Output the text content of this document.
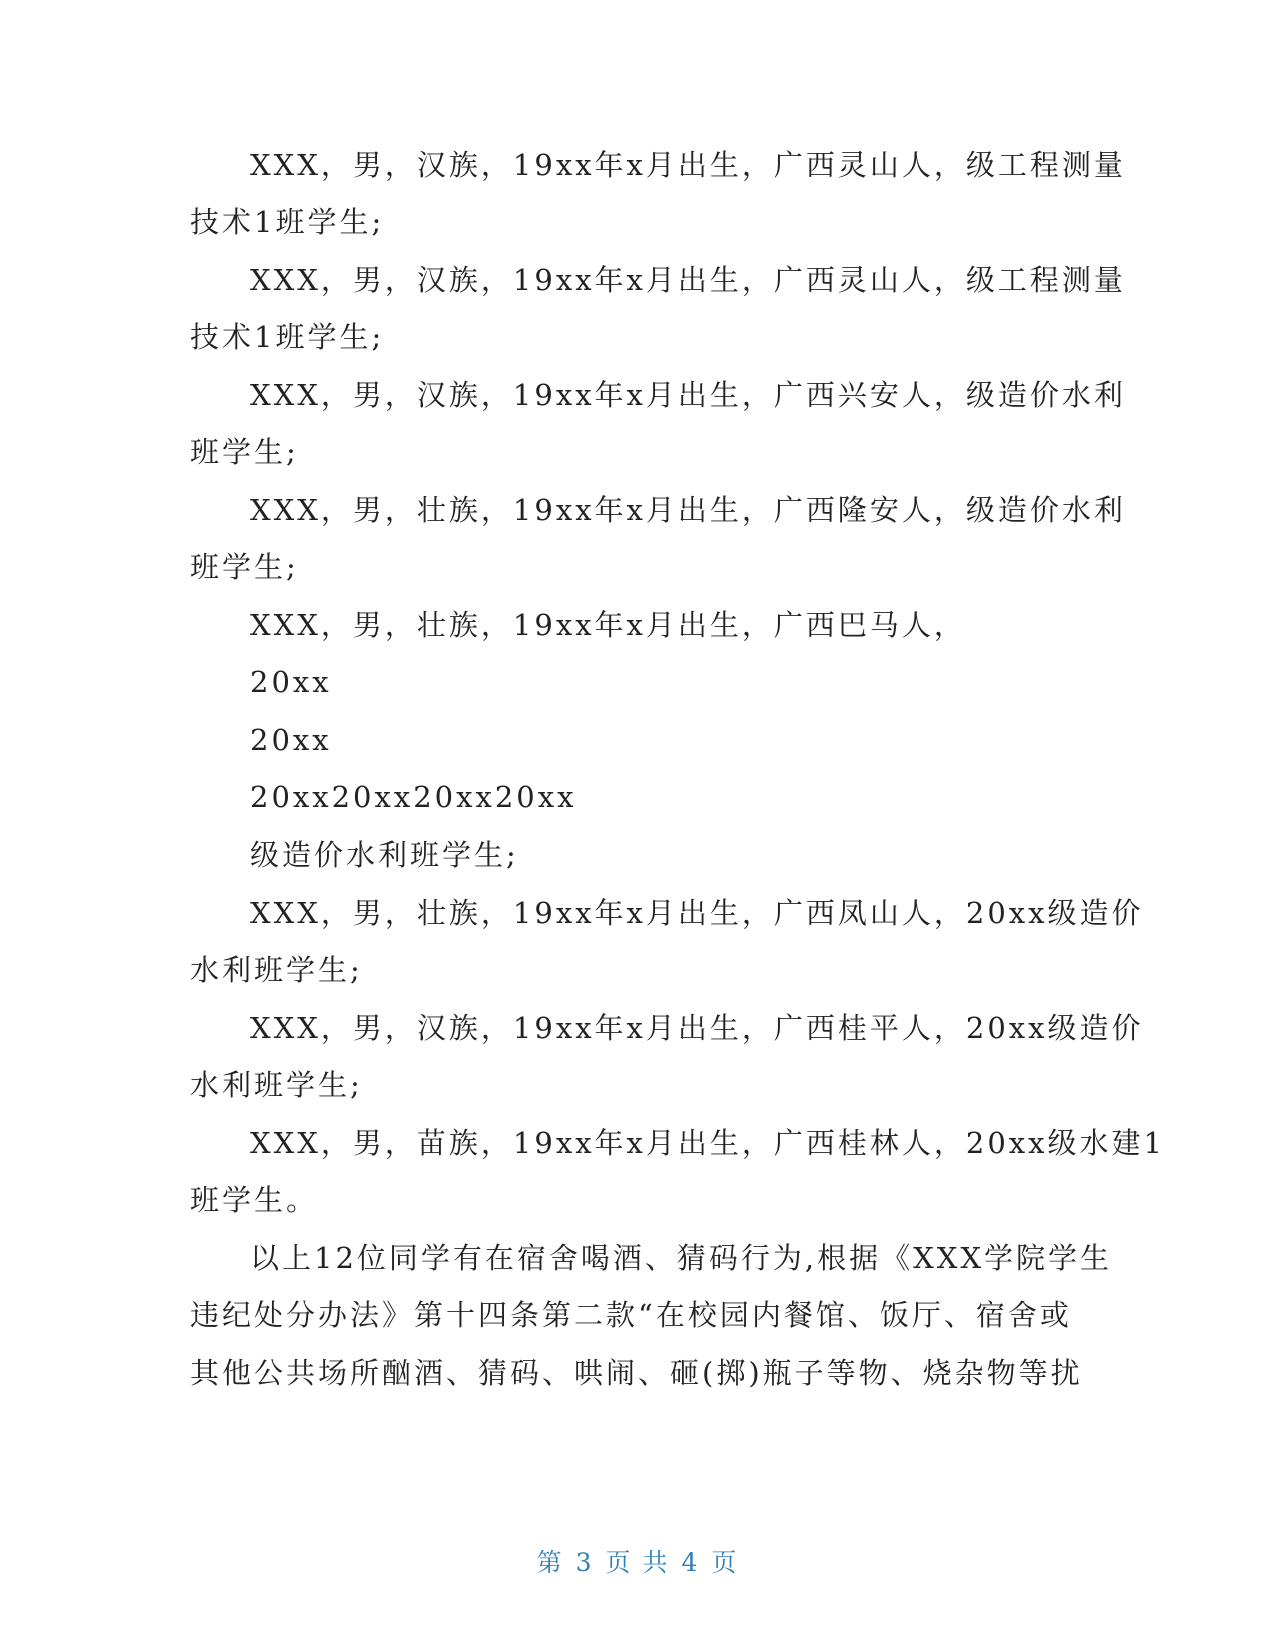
XXX，男，汉族，19xx年x月出生，广西灵山人，级工程测量
技术1班学生;
XXX，男，汉族，19xx年x月出生，广西灵山人，级工程测量
技术1班学生;
XXX，男，汉族，19xx年x月出生，广西兴安人，级造价水利
班学生;
XXX，男，壮族，19xx年x月出生，广西隆安人，级造价水利
班学生;
XXX，男，壮族，19xx年x月出生，广西巴马人，
20xx
20xx
20xx20xx20xx20xx
级造价水利班学生;
XXX，男，壮族，19xx年x月出生，广西凤山人，20xx级造价
水利班学生;
XXX，男，汉族，19xx年x月出生，广西桂平人，20xx级造价
水利班学生;
XXX，男，苗族，19xx年x月出生，广西桂林人，20xx级水建1
班学生。
以上12位同学有在宿舍喝酒、猜码行为,根据《XXX学院学生
违纪处分办法》第十四条第二款“在校园内餐馆、饭厅、宿舍或
其他公共场所酗酒、猜码、哄闹、砸(掷)瓶子等物、烧杂物等扰
第 3 页 共 4 页
